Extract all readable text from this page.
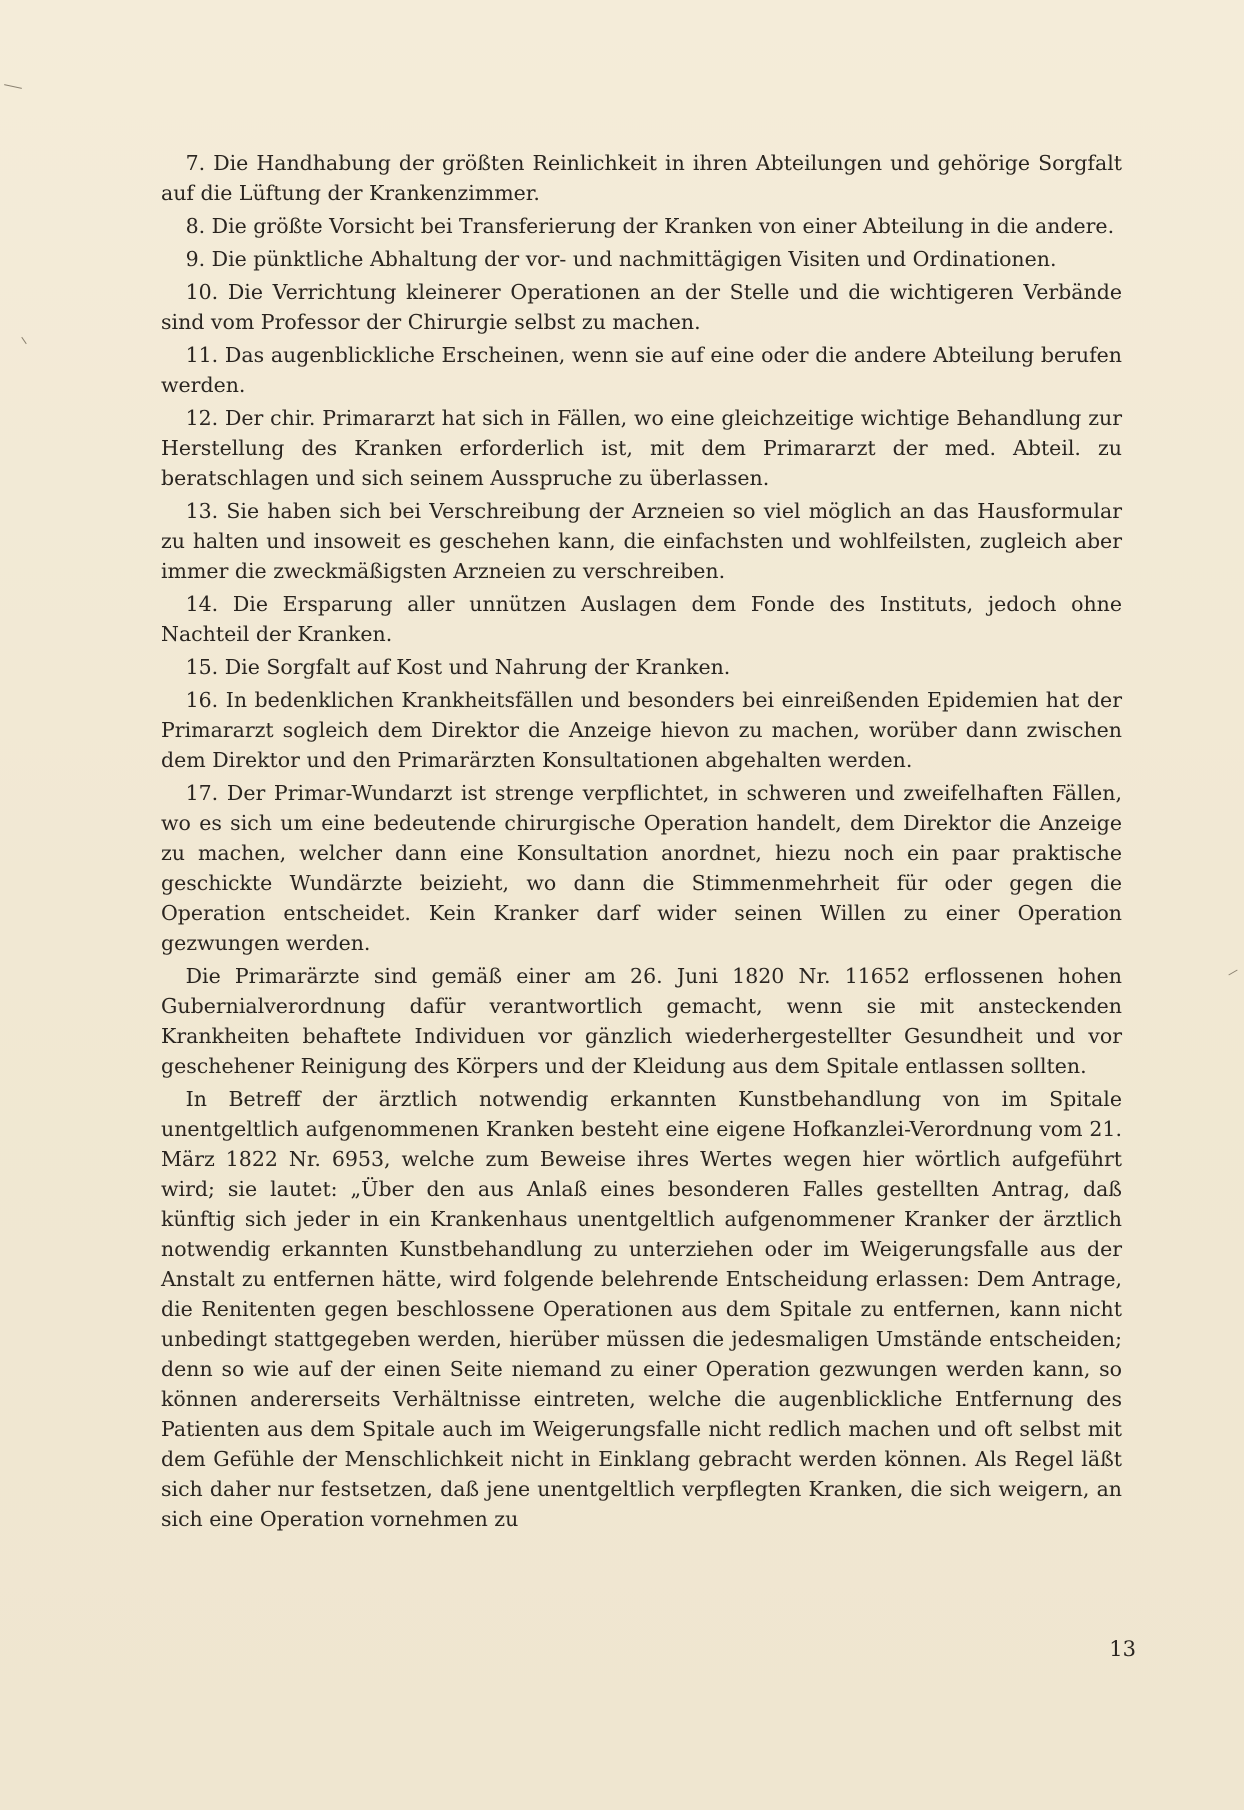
7. Die Handhabung der größten Reinlichkeit in ihren Abteilungen und gehörige Sorgfalt auf die Lüftung der Krankenzimmer.

8. Die größte Vorsicht bei Transferierung der Kranken von einer Abteilung in die andere.

9. Die pünktliche Abhaltung der vor- und nachmittägigen Visiten und Ordinationen.

10. Die Verrichtung kleinerer Operationen an der Stelle und die wichtigeren Verbände sind vom Professor der Chirurgie selbst zu machen.

11. Das augenblickliche Erscheinen, wenn sie auf eine oder die andere Abteilung berufen werden.

12. Der chir. Primararzt hat sich in Fällen, wo eine gleichzeitige wichtige Behandlung zur Herstellung des Kranken erforderlich ist, mit dem Primararzt der med. Abteil. zu beratschlagen und sich seinem Ausspruche zu überlassen.

13. Sie haben sich bei Verschreibung der Arzneien so viel möglich an das Hausformular zu halten und insoweit es geschehen kann, die einfachsten und wohlfeilsten, zugleich aber immer die zweckmäßigsten Arzneien zu verschreiben.

14. Die Ersparung aller unnützen Auslagen dem Fonde des Instituts, jedoch ohne Nachteil der Kranken.

15. Die Sorgfalt auf Kost und Nahrung der Kranken.

16. In bedenklichen Krankheitsfällen und besonders bei einreißenden Epidemien hat der Primararzt sogleich dem Direktor die Anzeige hievon zu machen, worüber dann zwischen dem Direktor und den Primarärzten Konsultationen abgehalten werden.

17. Der Primar-Wundarzt ist strenge verpflichtet, in schweren und zweifelhaften Fällen, wo es sich um eine bedeutende chirurgische Operation handelt, dem Direktor die Anzeige zu machen, welcher dann eine Konsultation anordnet, hiezu noch ein paar praktische geschickte Wundärzte beizieht, wo dann die Stimmenmehrheit für oder gegen die Operation entscheidet. Kein Kranker darf wider seinen Willen zu einer Operation gezwungen werden.

Die Primarärzte sind gemäß einer am 26. Juni 1820 Nr. 11652 erflossenen hohen Gubernialverordnung dafür verantwortlich gemacht, wenn sie mit ansteckenden Krankheiten behaftete Individuen vor gänzlich wiederhergestellter Gesundheit und vor geschehener Reinigung des Körpers und der Kleidung aus dem Spitale entlassen sollten.

In Betreff der ärztlich notwendig erkannten Kunstbehandlung von im Spitale unentgeltlich aufgenommenen Kranken besteht eine eigene Hofkanzlei-Verordnung vom 21. März 1822 Nr. 6953, welche zum Beweise ihres Wertes wegen hier wörtlich aufgeführt wird; sie lautet: „Über den aus Anlaß eines besonderen Falles gestellten Antrag, daß künftig sich jeder in ein Krankenhaus unentgeltlich aufgenommener Kranker der ärztlich notwendig erkannten Kunstbehandlung zu unterziehen oder im Weigerungsfalle aus der Anstalt zu entfernen hätte, wird folgende belehrende Entscheidung erlassen: Dem Antrage, die Renitenten gegen beschlossene Operationen aus dem Spitale zu entfernen, kann nicht unbedingt stattgegeben werden, hierüber müssen die jedesmaligen Umstände entscheiden; denn so wie auf der einen Seite niemand zu einer Operation gezwungen werden kann, so können andererseits Verhältnisse eintreten, welche die augenblickliche Entfernung des Patienten aus dem Spitale auch im Weigerungsfalle nicht redlich machen und oft selbst mit dem Gefühle der Menschlichkeit nicht in Einklang gebracht werden können. Als Regel läßt sich daher nur festsetzen, daß jene unentgeltlich verpflegten Kranken, die sich weigern, an sich eine Operation vornehmen zu

13
